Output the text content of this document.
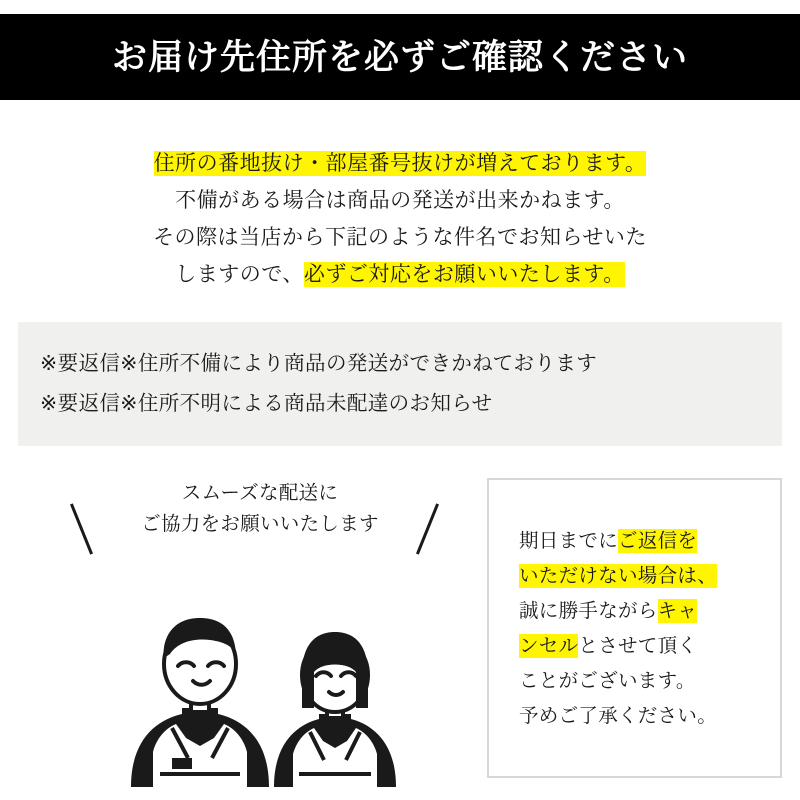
お届け先住所を必ずご確認ください
住所の番地抜け・部屋番号抜けが増えております。
不備がある場合は商品の発送が出来かねます。
その際は当店から下記のような件名でお知らせいた
しますので、必ずご対応をお願いいたします。
※要返信※住所不備により商品の発送ができかねております
※要返信※住所不明による商品未配達のお知らせ
スムーズな配送に
ご協力をお願いいたします
期日までにご返信を
いただけない場合は、
誠に勝手ながらキャ
ンセルとさせて頂く
ことがございます。
予めご了承ください。
